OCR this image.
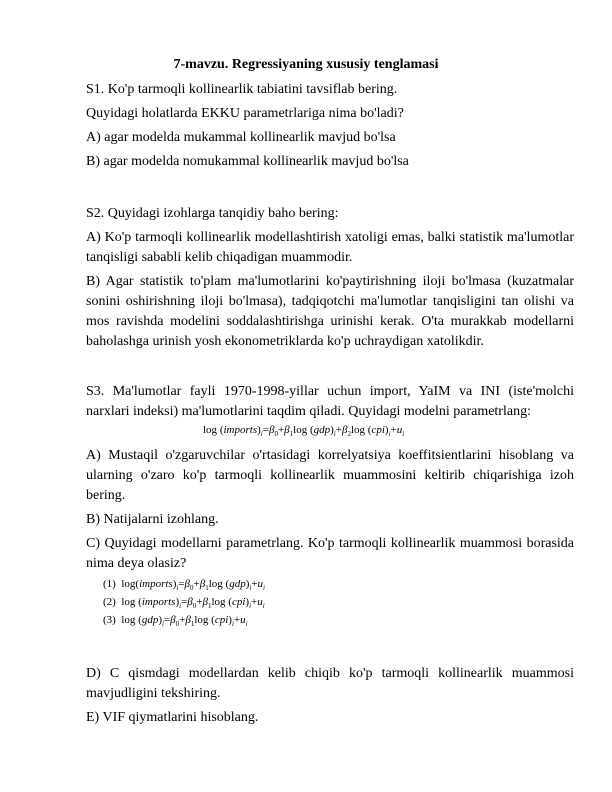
7-mavzu. Regressiyaning xususiy tenglamasi
S1. Ko'p tarmoqli kollinearlik tabiatini tavsiflab bering.
Quyidagi holatlarda EKKU parametrlariga nima bo'ladi?
A) agar modelda mukammal kollinearlik mavjud bo'lsa
B) agar modelda nomukammal kollinearlik mavjud bo'lsa
S2. Quyidagi izohlarga tanqidiy baho bering:
A) Ko'p tarmoqli kollinearlik modellashtirish xatoligi emas, balki statistik ma'lumotlar tanqisligi sababli kelib chiqadigan muammodir.
B) Agar statistik to'plam ma'lumotlarini ko'paytirishning iloji bo'lmasa (kuzatmalar sonini oshirishning iloji bo'lmasa), tadqiqotchi ma'lumotlar tanqisligini tan olishi va mos ravishda modelini soddalashtirishga urinishi kerak. O'ta murakkab modellarni baholashga urinish yosh ekonometriklarda ko'p uchraydigan xatolikdir.
S3. Ma'lumotlar fayli 1970-1998-yillar uchun import, YaIM va INI (iste'molchi narxlari indeksi) ma'lumotlarini taqdim qiladi. Quyidagi modelni parametrlang:
$\log (imports)_i=\beta_0+\beta_1\log$ $(gdp)_i+\beta_2\log$ $(cpi)_i+u_i$
A) Mustaqil o'zgaruvchilar o'rtasidagi korrelyatsiya koeffitsientlarini hisoblang va ularning o'zaro ko'p tarmoqli kollinearlik muammosini keltirib chiqarishiga izoh bering.
B) Natijalarni izohlang.
C) Quyidagi modellarni parametrlang. Ko'p tarmoqli kollinearlik muammosi borasida nima deya olasiz?
(1)  $\log(imports)_i=\beta_0+\beta_1\log$ $(gdp)_i+u_i$
(2)  $\log (imports)_i=\beta_0+\beta_1\log$ $(cpi)_i+u_i$
(3)  $\log (gdp)_i=\beta_0+\beta_1\log$ $(cpi)_i+u_i$
D) C qismdagi modellardan kelib chiqib ko'p tarmoqli kollinearlik muammosi mavjudligini tekshiring.
E) VIF qiymatlarini hisoblang.
